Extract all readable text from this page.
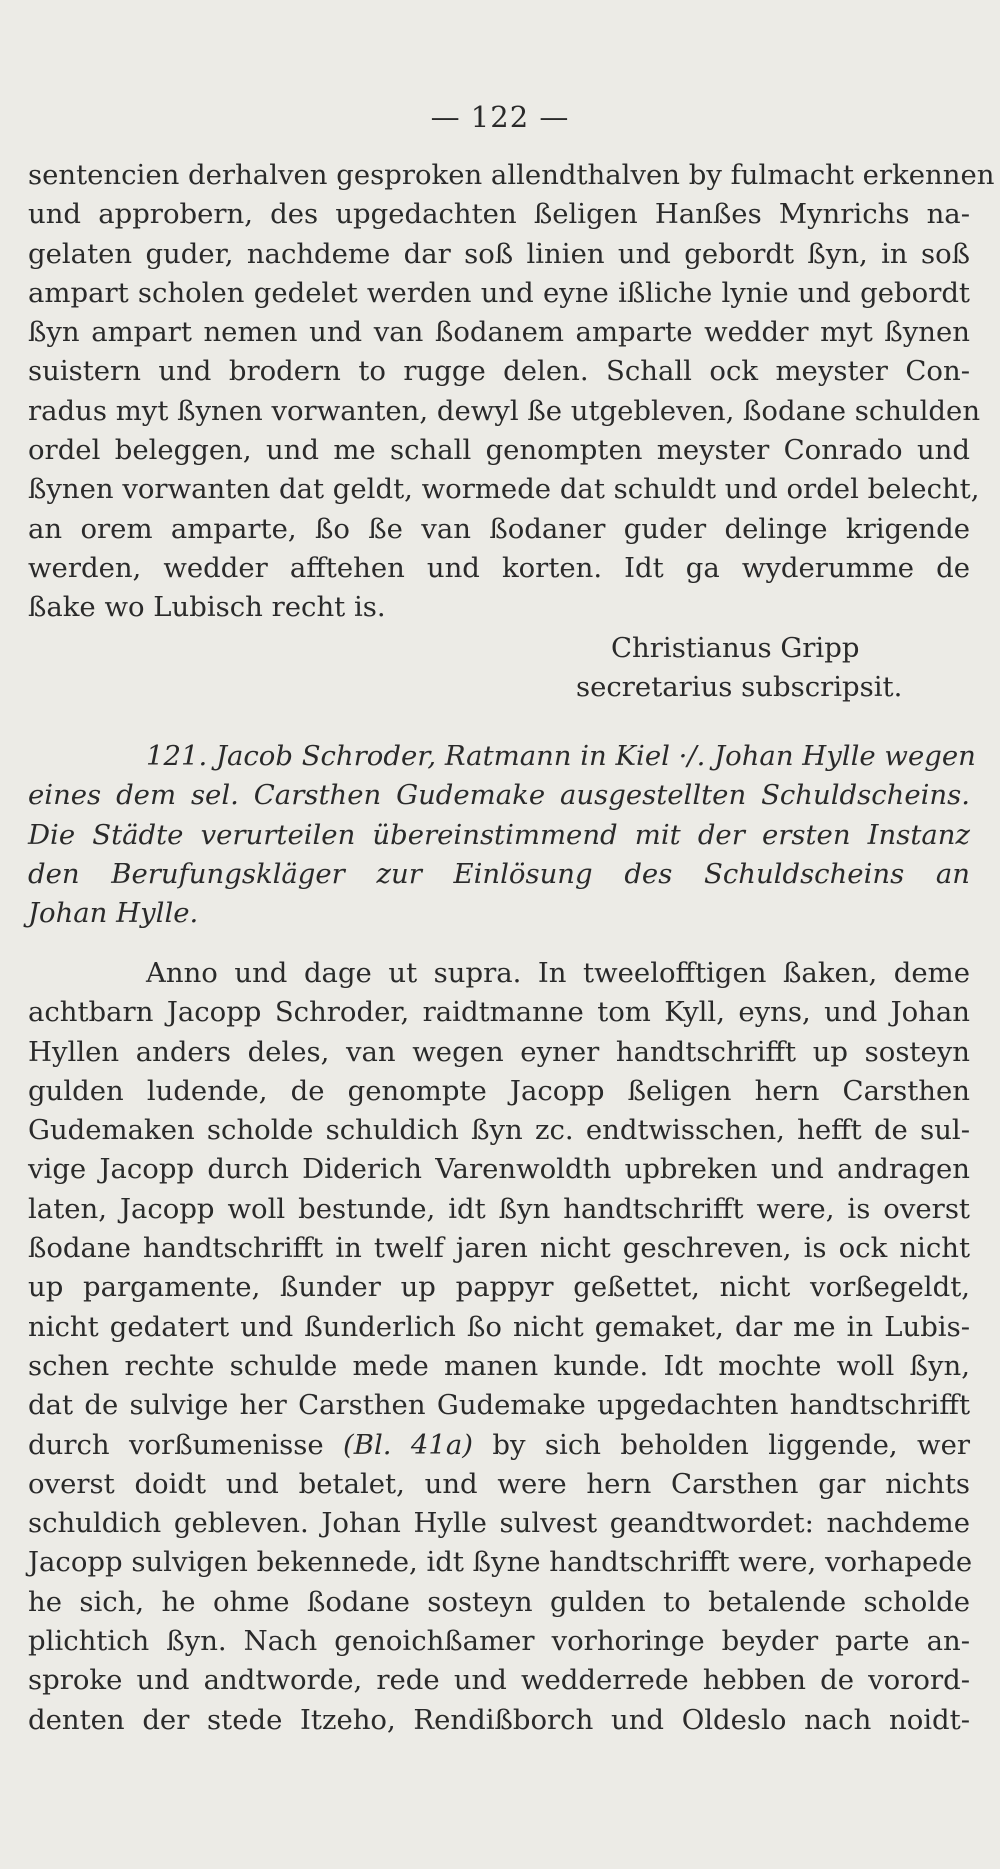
— 122 —
sentencien derhalven gesproken allendthalven by fulmacht erkennen
und approbern, des upgedachten ßeligen Hanßes Mynrichs na-
gelaten guder, nachdeme dar soß linien und gebordt ßyn, in soß
ampart scholen gedelet werden und eyne ißliche lynie und gebordt
ßyn ampart nemen und van ßodanem amparte wedder myt ßynen
suistern und brodern to rugge delen. Schall ock meyster Con-
radus myt ßynen vorwanten, dewyl ße utgebleven, ßodane schulden
ordel beleggen, und me schall genompten meyster Conrado und
ßynen vorwanten dat geldt, wormede dat schuldt und ordel belecht,
an orem amparte, ßo ße van ßodaner guder delinge krigende
werden, wedder afftehen und korten. Idt ga wyderumme de
ßake wo Lubisch recht is.
Christianus Gripp
secretarius subscripsit.
121. Jacob Schroder, Ratmann in Kiel ·/. Johan Hylle wegen
eines dem sel. Carsthen Gudemake ausgestellten Schuldscheins.
Die Städte verurteilen übereinstimmend mit der ersten Instanz
den Berufungskläger zur Einlösung des Schuldscheins an
Johan Hylle.
Anno und dage ut supra. In tweelofftigen ßaken, deme
achtbarn Jacopp Schroder, raidtmanne tom Kyll, eyns, und Johan
Hyllen anders deles, van wegen eyner handtschrifft up sosteyn
gulden ludende, de genompte Jacopp ßeligen hern Carsthen
Gudemaken scholde schuldich ßyn zc. endtwisschen, hefft de sul-
vige Jacopp durch Diderich Varenwoldth upbreken und andragen
laten, Jacopp woll bestunde, idt ßyn handtschrifft were, is overst
ßodane handtschrifft in twelf jaren nicht geschreven, is ock nicht
up pargamente, ßunder up pappyr geßettet, nicht vorßegeldt,
nicht gedatert und ßunderlich ßo nicht gemaket, dar me in Lubis-
schen rechte schulde mede manen kunde. Idt mochte woll ßyn,
dat de sulvige her Carsthen Gudemake upgedachten handtschrifft
durch vorßumenisse (Bl. 41a) by sich beholden liggende, wer
overst doidt und betalet, und were hern Carsthen gar nichts
schuldich gebleven. Johan Hylle sulvest geandtwordet: nachdeme
Jacopp sulvigen bekennede, idt ßyne handtschrifft were, vorhapede
he sich, he ohme ßodane sosteyn gulden to betalende scholde
plichtich ßyn. Nach genoichßamer vorhoringe beyder parte an-
sproke und andtworde, rede und wedderrede hebben de vorord-
denten der stede Itzeho, Rendißborch und Oldeslo nach noidt-
